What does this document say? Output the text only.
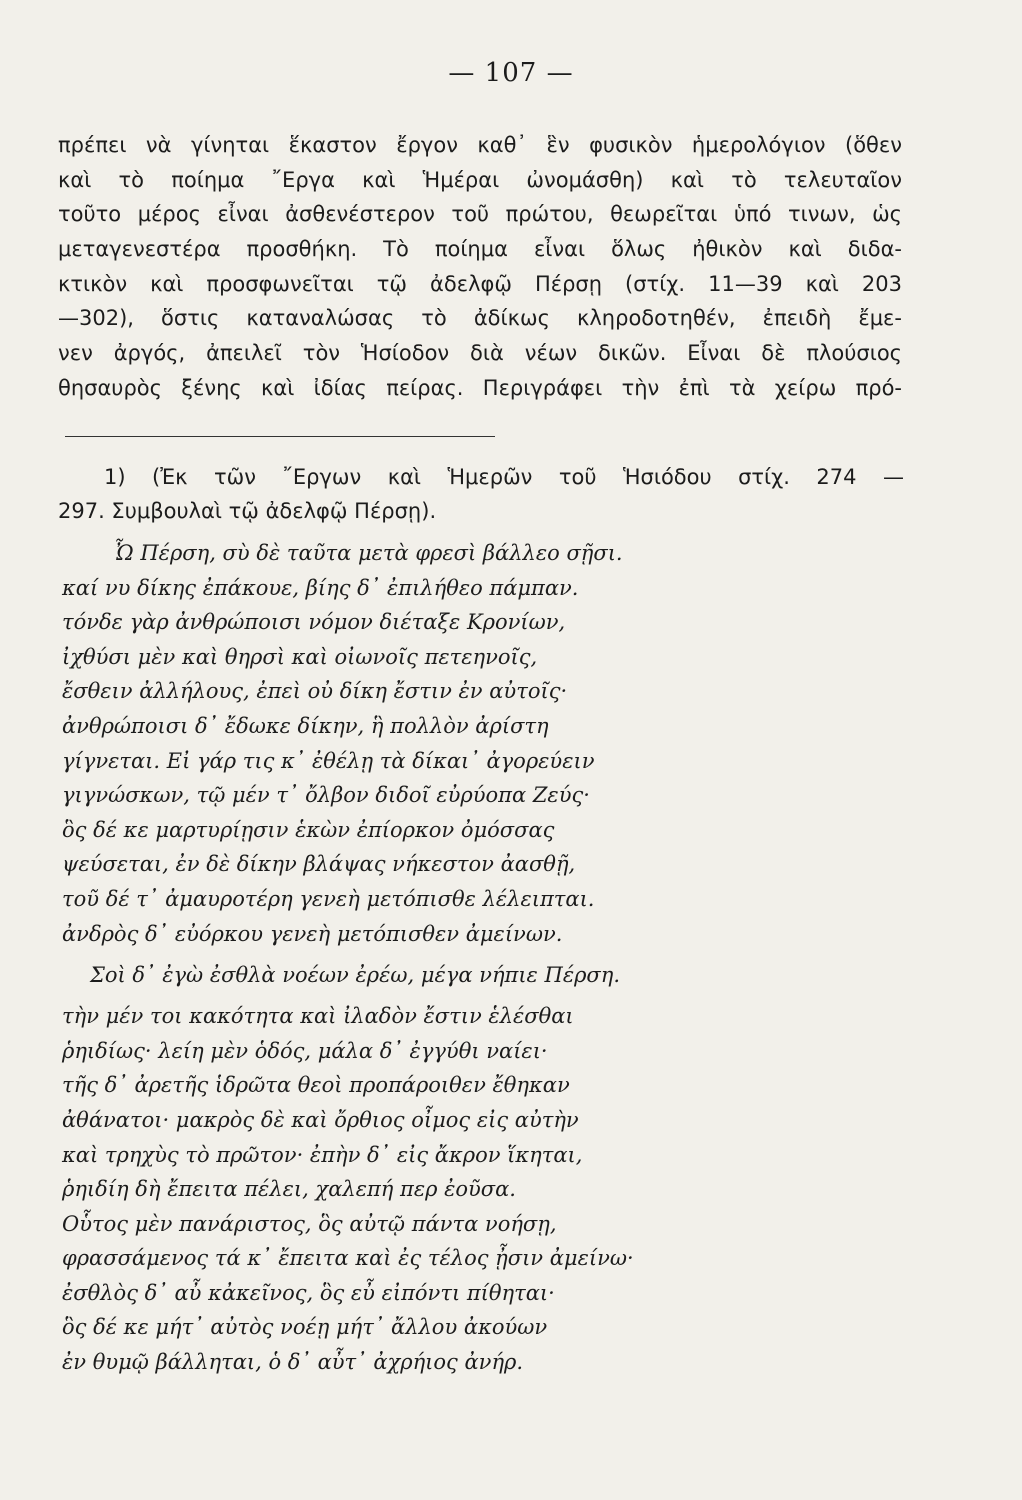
— 107 —
πρέπει νὰ γίνηται ἕκαστον ἔργον καθ᾽ ἓν φυσικὸν ἡμερολόγιον (ὅθεν
καὶ τὸ ποίημα ῎Εργα καὶ Ἡμέραι ὠνομάσθη) καὶ τὸ τελευταῖον
τοῦτο μέρος εἶναι ἀσθενέστερον τοῦ πρώτου, θεωρεῖται ὑπό τινων, ὡς
μεταγενεστέρα προσθήκη. Τὸ ποίημα εἶναι ὅλως ἠθικὸν καὶ διδα-
κτικὸν καὶ προσφωνεῖται τῷ ἀδελφῷ Πέρσῃ (στίχ. 11—39 καὶ 203
—302), ὅστις καταναλώσας τὸ ἀδίκως κληροδοτηθέν, ἐπειδὴ ἔμε-
νεν ἀργός, ἀπειλεῖ τὸν Ἡσίοδον διὰ νέων δικῶν. Εἶναι δὲ πλούσιος
θησαυρὸς ξένης καὶ ἰδίας πείρας. Περιγράφει τὴν ἐπὶ τὰ χείρω πρό-
1) (Ἐκ τῶν ῎Εργων καὶ Ἡμερῶν τοῦ Ἡσιόδου στίχ. 274 —
297. Συμβουλαὶ τῷ ἀδελφῷ Πέρσῃ).
Ὦ Πέρση, σὺ δὲ ταῦτα μετὰ φρεσὶ βάλλεο σῇσι.
καί νυ δίκης ἐπάκουε, βίης δ᾽ ἐπιλήθεο πάμπαν.
τόνδε γὰρ ἀνθρώποισι νόμον διέταξε Κρονίων,
ἰχθύσι μὲν καὶ θηρσὶ καὶ οἰωνοῖς πετεηνοῖς,
ἔσθειν ἀλλήλους, ἐπεὶ οὐ δίκη ἔστιν ἐν αὐτοῖς·
ἀνθρώποισι δ᾽ ἔδωκε δίκην, ἣ πολλὸν ἀρίστη
γίγνεται. Εἰ γάρ τις κ᾽ ἐθέλῃ τὰ δίκαι᾽ ἀγορεύειν
γιγνώσκων, τῷ μέν τ᾽ ὄλβον διδοῖ εὐρύοπα Ζεύς·
ὃς δέ κε μαρτυρίῃσιν ἑκὼν ἐπίορκον ὀμόσσας
ψεύσεται, ἐν δὲ δίκην βλάψας νήκεστον ἀασθῇ,
τοῦ δέ τ᾽ ἀμαυροτέρη γενεὴ μετόπισθε λέλειπται.
ἀνδρὸς δ᾽ εὐόρκου γενεὴ μετόπισθεν ἀμείνων.
Σοὶ δ᾽ ἐγὼ ἐσθλὰ νοέων ἐρέω, μέγα νήπιε Πέρση.
τὴν μέν τοι κακότητα καὶ ἰλαδὸν ἔστιν ἑλέσθαι
ῥηιδίως· λείη μὲν ὁδός, μάλα δ᾽ ἐγγύθι ναίει·
τῆς δ᾽ ἀρετῆς ἱδρῶτα θεοὶ προπάροιθεν ἔθηκαν
ἀθάνατοι· μακρὸς δὲ καὶ ὄρθιος οἶμος εἰς αὐτὴν
καὶ τρηχὺς τὸ πρῶτον· ἐπὴν δ᾽ εἰς ἄκρον ἵκηται,
ῥηιδίη δὴ ἔπειτα πέλει, χαλεπή περ ἐοῦσα.
Οὗτος μὲν πανάριστος, ὃς αὐτῷ πάντα νοήσῃ,
φρασσάμενος τά κ᾽ ἔπειτα καὶ ἐς τέλος ᾖσιν ἀμείνω·
ἐσθλὸς δ᾽ αὖ κἀκεῖνος, ὃς εὖ εἰπόντι πίθηται·
ὃς δέ κε μήτ᾽ αὐτὸς νοέῃ μήτ᾽ ἄλλου ἀκούων
ἐν θυμῷ βάλληται, ὁ δ᾽ αὖτ᾽ ἀχρήιος ἀνήρ.
